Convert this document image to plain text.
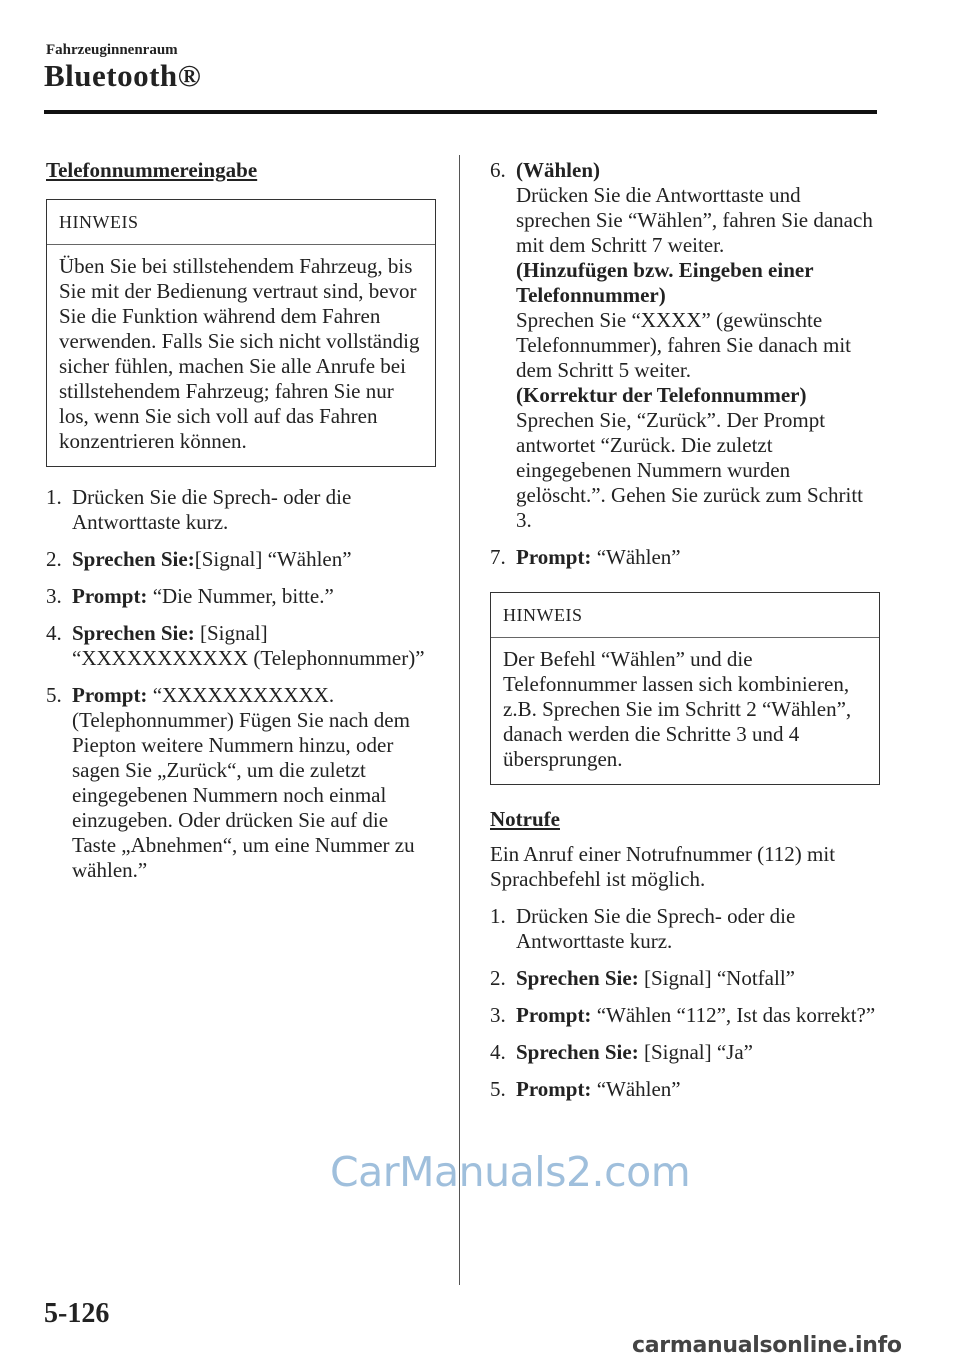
Fahrzeuginnenraum
Bluetooth®
Telefonnummereingabe
HINWEIS
Üben Sie bei stillstehendem Fahrzeug, bis Sie mit der Bedienung vertraut sind, bevor Sie die Funktion während dem Fahren verwenden. Falls Sie sich nicht vollständig sicher fühlen, machen Sie alle Anrufe bei stillstehendem Fahrzeug; fahren Sie nur los, wenn Sie sich voll auf das Fahren konzentrieren können.
1. Drücken Sie die Sprech- oder die Antworttaste kurz.
2. Sprechen Sie:[Signal] “Wählen”
3. Prompt: “Die Nummer, bitte.”
4. Sprechen Sie: [Signal] “XXXXXXXXXXX (Telephonnummer)”
5. Prompt: “XXXXXXXXXXX. (Telephonnummer) Fügen Sie nach dem Piepton weitere Nummern hinzu, oder sagen Sie „Zurück“, um die zuletzt eingegebenen Nummern noch einmal einzugeben. Oder drücken Sie auf die Taste „Abnehmen“, um eine Nummer zu wählen.”
6. (Wählen)
Drücken Sie die Antworttaste und sprechen Sie “Wählen”, fahren Sie danach mit dem Schritt 7 weiter.
(Hinzufügen bzw. Eingeben einer Telefonnummer)
Sprechen Sie “XXXX” (gewünschte Telefonnummer), fahren Sie danach mit dem Schritt 5 weiter.
(Korrektur der Telefonnummer)
Sprechen Sie, “Zurück”. Der Prompt antwortet “Zurück. Die zuletzt eingegebenen Nummern wurden gelöscht.”. Gehen Sie zurück zum Schritt 3.
7. Prompt: “Wählen”
HINWEIS
Der Befehl “Wählen” und die Telefonnummer lassen sich kombinieren, z.B. Sprechen Sie im Schritt 2 “Wählen”, danach werden die Schritte 3 und 4 übersprungen.
Notrufe

Ein Anruf einer Notrufnummer (112) mit Sprachbefehl ist möglich.

1. Drücken Sie die Sprech- oder die Antworttaste kurz.
2. Sprechen Sie: [Signal] “Notfall”
3. Prompt: “Wählen “112”, Ist das korrekt?”
4. Sprechen Sie: [Signal] “Ja”
5. Prompt: “Wählen”
CarManuals2.com
5-126
carmanualsonline.info
